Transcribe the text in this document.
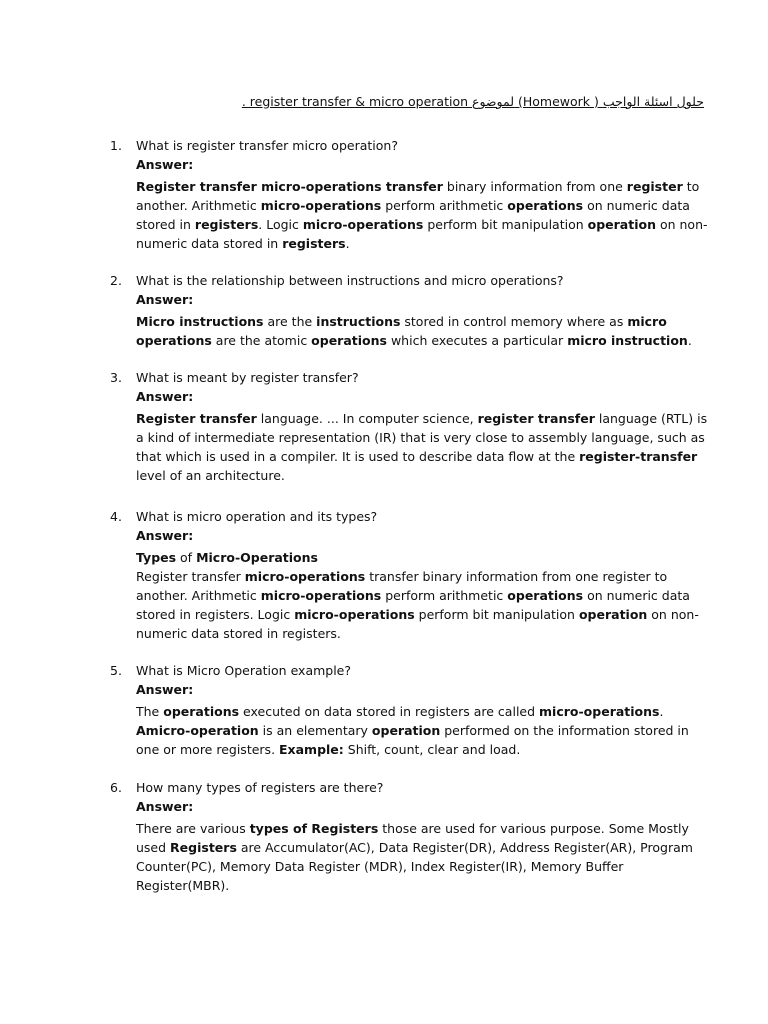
. register transfer & micro operation لموضوع (Homework ) حلول اسئلة الواجب
1.	What is register transfer micro operation?
Answer:
Register transfer micro-operations transfer binary information from one register to another. Arithmetic micro-operations perform arithmetic operations on numeric data stored in registers. Logic micro-operations perform bit manipulation operation on non-numeric data stored in registers.
2.	What is the relationship between instructions and micro operations?
Answer:
Micro instructions are the instructions stored in control memory where as micro operations are the atomic operations which executes a particular micro instruction.
3.	What is meant by register transfer?
Answer:
Register transfer language. ... In computer science, register transfer language (RTL) is a kind of intermediate representation (IR) that is very close to assembly language, such as that which is used in a compiler. It is used to describe data flow at the register-transfer level of an architecture.
4.	What is micro operation and its types?
Answer:
Types of Micro-Operations
Register transfer micro-operations transfer binary information from one register to another. Arithmetic micro-operations perform arithmetic operations on numeric data stored in registers. Logic micro-operations perform bit manipulation operation on non-numeric data stored in registers.
5.	What is Micro Operation example?
Answer:
The operations executed on data stored in registers are called micro-operations. Amicro-operation is an elementary operation performed on the information stored in one or more registers. Example: Shift, count, clear and load.
6.	How many types of registers are there?
Answer:
There are various types of Registers those are used for various purpose. Some Mostly used Registers are Accumulator(AC), Data Register(DR), Address Register(AR), Program Counter(PC), Memory Data Register (MDR), Index Register(IR), Memory Buffer Register(MBR).
